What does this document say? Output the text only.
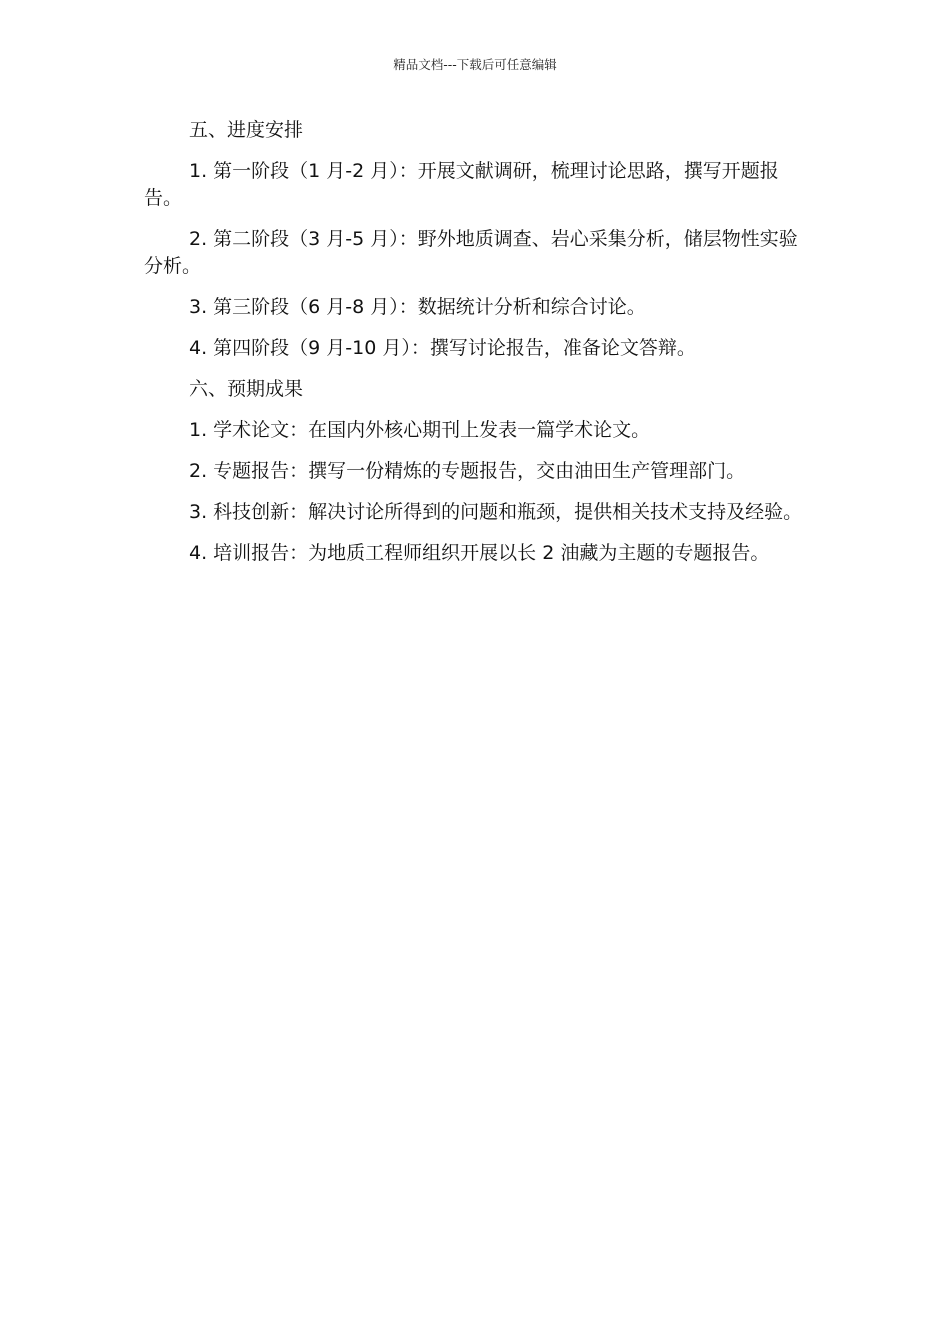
精品文档---下载后可任意编辑

五、进度安排

1. 第一阶段（1 月-2 月）：开展文献调研，梳理讨论思路，撰写开题报告。

2. 第二阶段（3 月-5 月）：野外地质调查、岩心采集分析，储层物性实验分析。

3. 第三阶段（6 月-8 月）：数据统计分析和综合讨论。

4. 第四阶段（9 月-10 月）：撰写讨论报告，准备论文答辩。

六、预期成果

1. 学术论文：在国内外核心期刊上发表一篇学术论文。

2. 专题报告：撰写一份精炼的专题报告，交由油田生产管理部门。

3. 科技创新：解决讨论所得到的问题和瓶颈，提供相关技术支持及经验。

4. 培训报告：为地质工程师组织开展以长 2 油藏为主题的专题报告。
